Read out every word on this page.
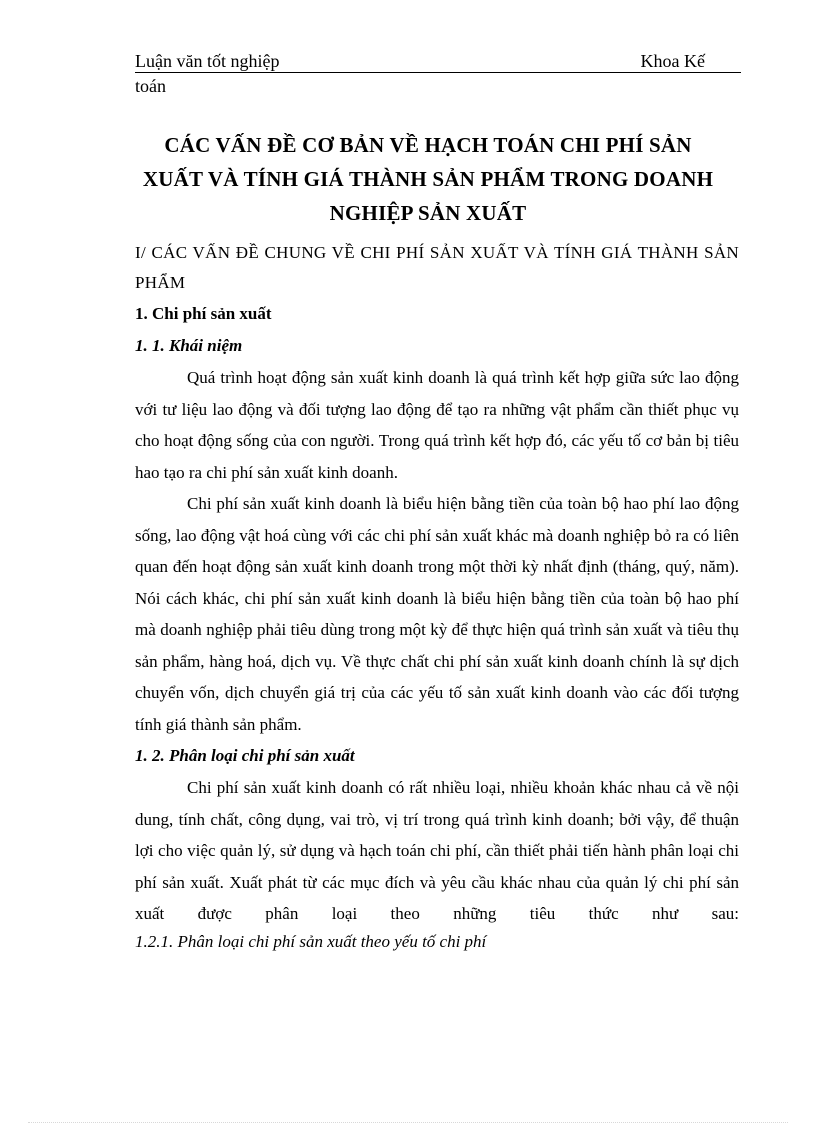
Luận văn tốt nghiệp	Khoa Kế
toán
CÁC VẤN ĐỀ CƠ BẢN VỀ HẠCH TOÁN CHI PHÍ SẢN XUẤT VÀ TÍNH GIÁ THÀNH SẢN PHẨM TRONG DOANH NGHIỆP SẢN XUẤT
I/ CÁC VẤN ĐỀ CHUNG VỀ CHI PHÍ SẢN XUẤT VÀ TÍNH GIÁ THÀNH SẢN PHẨM
1. Chi phí sản xuất
1. 1. Khái niệm

Quá trình hoạt động sản xuất kinh doanh là quá trình kết hợp giữa sức lao động với tư liệu lao động và đối tượng lao động để tạo ra những vật phẩm cần thiết phục vụ cho hoạt động sống của con người. Trong quá trình kết hợp đó, các yếu tố cơ bản bị tiêu hao tạo ra chi phí sản xuất kinh doanh.

Chi phí sản xuất kinh doanh là biểu hiện bằng tiền của toàn bộ hao phí lao động sống, lao động vật hoá cùng với các chi phí sản xuất khác mà doanh nghiệp bỏ ra có liên quan đến hoạt động sản xuất kinh doanh trong một thời kỳ nhất định (tháng, quý, năm). Nói cách khác, chi phí sản xuất kinh doanh là biểu hiện bằng tiền của toàn bộ hao phí mà doanh nghiệp phải tiêu dùng trong một kỳ để thực hiện quá trình sản xuất và tiêu thụ sản phẩm, hàng hoá, dịch vụ. Về thực chất chi phí sản xuất kinh doanh chính là sự dịch chuyển vốn, dịch chuyển giá trị của các yếu tố sản xuất kinh doanh vào các đối tượng tính giá thành sản phẩm.

1. 2. Phân loại chi phí sản xuất

Chi phí sản xuất kinh doanh có rất nhiều loại, nhiều khoản khác nhau cả về nội dung, tính chất, công dụng, vai trò, vị trí trong quá trình kinh doanh; bởi vậy, để thuận lợi cho việc quản lý, sử dụng và hạch toán chi phí, cần thiết phải tiến hành phân loại chi phí sản xuất. Xuất phát từ các mục đích và yêu cầu khác nhau của quản lý chi phí sản xuất được phân loại theo những tiêu thức như sau:

1.2.1. Phân loại chi phí sản xuất theo yếu tố chi phí
